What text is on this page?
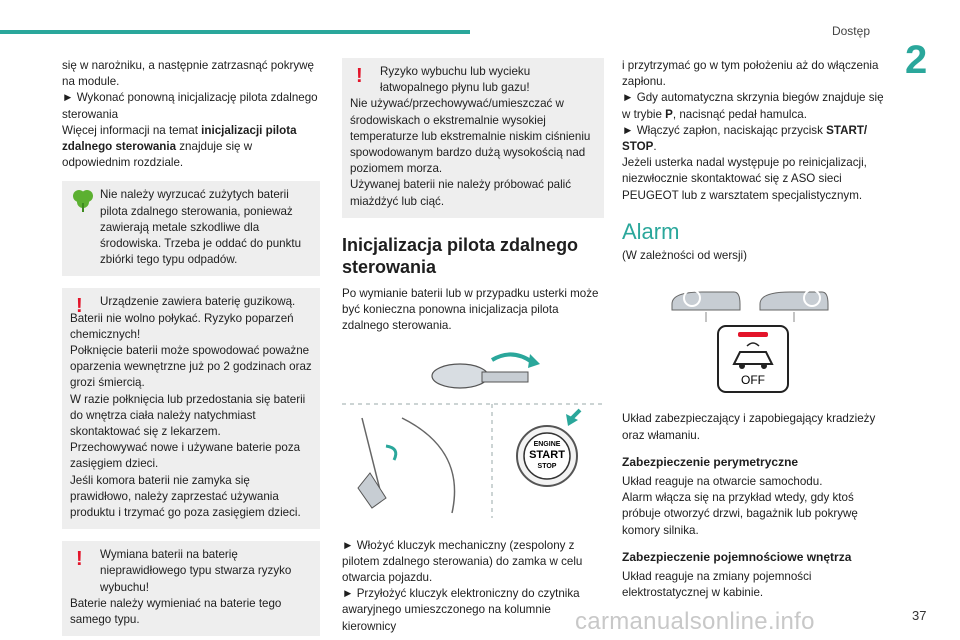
Dostęp
2

się w narożniku, a następnie zatrzasnąć pokrywę na module.

► Wykonać ponowną inicjalizację pilota zdalnego sterowania

Więcej informacji na temat inicjalizacji pilota zdalnego sterowania znajduje się w odpowiednim rozdziale.

Nie należy wyrzucać zużytych baterii pilota zdalnego sterowania, ponieważ zawierają metale szkodliwe dla środowiska. Trzeba je oddać do punktu zbiórki tego typu odpadów.

! Urządzenie zawiera baterię guzikową.

Baterii nie wolno połykać. Ryzyko poparzeń chemicznych!

Połknięcie baterii może spowodować poważne oparzenia wewnętrzne już po 2 godzinach oraz grozi śmiercią.

W razie połknięcia lub przedostania się baterii do wnętrza ciała należy natychmiast skontaktować się z lekarzem.

Przechowywać nowe i używane baterie poza zasięgiem dzieci.

Jeśli komora baterii nie zamyka się prawidłowo, należy zaprzestać używania produktu i trzymać go poza zasięgiem dzieci.

! Wymiana baterii na baterię nieprawidłowego typu stwarza ryzyko wybuchu!

Baterie należy wymieniać na baterie tego samego typu.

! Ryzyko wybuchu lub wycieku łatwopalnego płynu lub gazu!

Nie używać/przechowywać/umieszczać w środowiskach o ekstremalnie wysokiej temperaturze lub ekstremalnie niskim ciśnieniu spowodowanym bardzo dużą wysokością nad poziomem morza.

Używanej baterii nie należy próbować palić miażdżyć lub ciąć.

Inicjalizacja pilota zdalnego sterowania

Po wymianie baterii lub w przypadku usterki może być konieczna ponowna inicjalizacja pilota zdalnego sterowania.

ENGINE
START
STOP

► Włożyć kluczyk mechaniczny (zespolony z pilotem zdalnego sterowania) do zamka w celu otwarcia pojazdu.

► Przyłożyć kluczyk elektroniczny do czytnika awaryjnego umieszczonego na kolumnie kierownicy

i przytrzymać go w tym położeniu aż do włączenia zapłonu.

► Gdy automatyczna skrzynia biegów znajduje się w trybie P, nacisnąć pedał hamulca.

► Włączyć zapłon, naciskając przycisk START/ STOP.

Jeżeli usterka nadal występuje po reinicjalizacji, niezwłocznie skontaktować się z ASO sieci PEUGEOT lub z warsztatem specjalistycznym.

Alarm

(W zależności od wersji)

OFF

Układ zabezpieczający i zapobiegający kradzieży oraz włamaniu.

Zabezpieczenie perymetryczne

Układ reaguje na otwarcie samochodu.

Alarm włącza się na przykład wtedy, gdy ktoś próbuje otworzyć drzwi, bagażnik lub pokrywę komory silnika.

Zabezpieczenie pojemnościowe wnętrza

Układ reaguje na zmiany pojemności elektrostatycznej w kabinie.

carmanualsonline.info	37
